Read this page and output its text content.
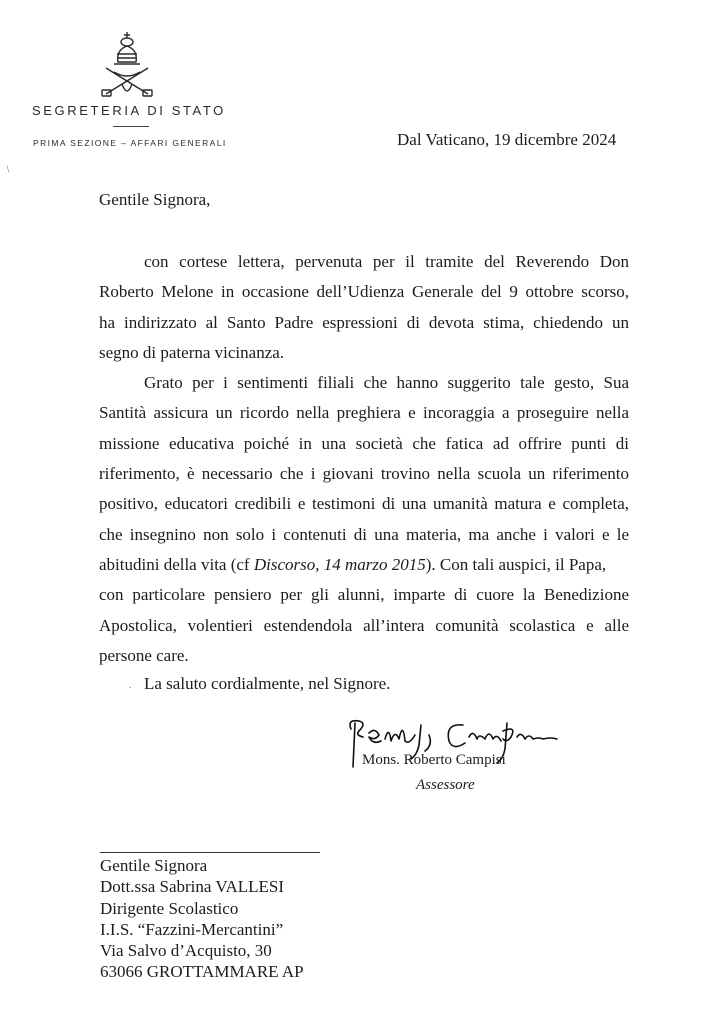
SEGRETERIA DI STATO
PRIMA SEZIONE – AFFARI GENERALI	Dal Vaticano, 19 dicembre 2024
/
Gentile Signora,
con cortese lettera, pervenuta per il tramite del Reverendo Don
Roberto Melone in occasione dell’Udienza Generale del 9 ottobre scorso,
ha indirizzato al Santo Padre espressioni di devota stima, chiedendo un
segno di paterna vicinanza.
Grato per i sentimenti filiali che hanno suggerito tale gesto, Sua
Santità assicura un ricordo nella preghiera e incoraggia a proseguire nella
missione educativa poiché in una società che fatica ad offrire punti di
riferimento, è necessario che i giovani trovino nella scuola un riferimento
positivo, educatori credibili e testimoni di una umanità matura e completa,
che insegnino non solo i contenuti di una materia, ma anche i valori e le
abitudini della vita (cf Discorso, 14 marzo 2015). Con tali auspici, il Papa,
con particolare pensiero per gli alunni, imparte di cuore la Benedizione
Apostolica, volentieri estendendola all’intera comunità scolastica e alle
persone care.
. La saluto cordialmente, nel Signore.
Mons. Roberto Campisi
Assessore
Gentile Signora
Dott.ssa Sabrina VALLESI
Dirigente Scolastico
I.I.S. “Fazzini-Mercantini”
Via Salvo d’Acquisto, 30
63066 GROTTAMMARE AP
